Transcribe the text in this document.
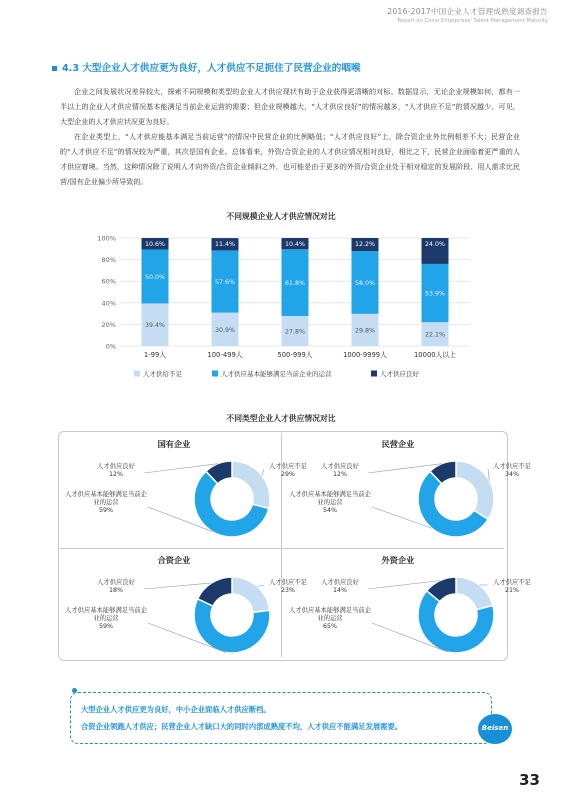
2016-2017中国企业人才管理成熟度调查报告
Report on China Enterprises' Talent Management Maturity
4.3 大型企业人才供应更为良好，人才供应不足扼住了民营企业的咽喉

企业之间发展状况差异较大，探索不同规模和类型的企业人才供应现状有助于企业获得更清晰的对标。数据显示，无论企业规模如何，都有一半以上的企业人才供应情况基本能满足当前企业运营的需要；但企业规模越大，“人才供应良好”的情况越多，“人才供应不足”的情况越少。可见，大型企业的人才供应状况更为良好。

在企业类型上，“人才供应能基本满足当前运营”的情况中民营企业的比例略低；“人才供应良好”上，除合资企业外比例相差不大；民营企业的“人才供应不足”的情况较为严重，其次是国有企业。总体看来，外资/合资企业的人才供应情况相对良好，相比之下，民营企业面临着更严重的人才供应窘境。当然，这种情况除了说明人才向外资/合资企业倾斜之外，也可能是由于更多的外资/合资企业处于相对稳定的发展阶段、用人需求比民营/国有企业偏少所导致的。

不同规模企业人才供应情况对比
0%
20%
40%
60%
80%
100%
39.4%
50.0%
10.6%
1-99人
30.9%
57.6%
11.4%
100-499人
27.8%
61.8%
10.4%
500-999人
29.8%
58.0%
12.2%
1000-9999人
22.1%
53.9%
24.0%
10000人以上
人才供给不足	人才供应基本能够满足当前企业的运营	人才供应良好
不同类型企业人才供应情况对比
国有企业
人才供应不足
29%
人才供应基本能够满足当前企业的运营
59%
人才供应良好
12%
民营企业
人才供应不足
34%
人才供应基本能够满足当前企业的运营
54%
人才供应良好
12%
合资企业
人才供应不足
23%
人才供应基本能够满足当前企业的运营
59%
人才供应良好
18%
外资企业
人才供应不足
21%
人才供应基本能够满足当前企业的运营
65%
人才供应良好
14%
大型企业人才供应更为良好，中小企业面临人才供应断档。
合资企业领跑人才供应；民营企业人才缺口大的同时内部成熟度不均，人才供应不能满足发展需要。	Beisen
33
